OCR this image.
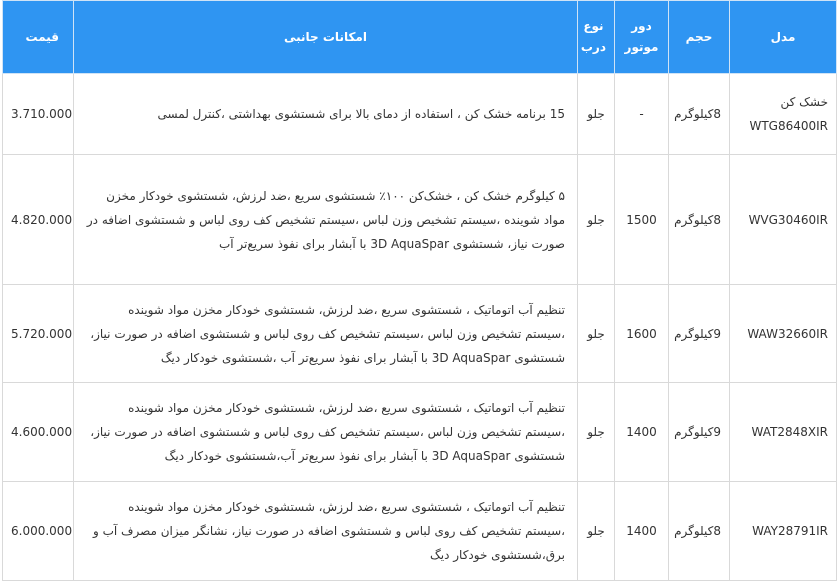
مدل	حجم	دور موتور	نوع درب	امکانات جانبی	قیمت
خشک کن WTG86400IR	8کیلوگرم	-	جلو	15 برنامه خشک کن ، استفاده از دمای بالا برای شستشوی بهداشتی ،کنترل لمسی	3.710.000
WVG30460IR	8کیلوگرم	1500	جلو	۵ کیلوگرم خشک کن ، خشک‌کن ۱۰۰٪ شستشوی سریع ،ضد لرزش، شستشوی خودکار مخزن مواد شوینده ،سیستم تشخیص وزن لباس ،سیستم تشخیص کف روی لباس و شستشوی اضافه در صورت نیاز، شستشوی 3D AquaSpar با آبشار برای نفوذ سریع‌تر آب	4.820.000
WAW32660IR	9کیلوگرم	1600	جلو	تنظیم آب اتوماتیک ، شستشوی سریع ،ضد لرزش، شستشوی خودکار مخزن مواد شوینده ،سیستم تشخیص وزن لباس ،سیستم تشخیص کف روی لباس و شستشوی اضافه در صورت نیاز، شستشوی 3D AquaSpar با آبشار برای نفوذ سریع‌تر آب ،شستشوی خودکار دیگ	5.720.000
WAT2848XIR	9کیلوگرم	1400	جلو	تنظیم آب اتوماتیک ، شستشوی سریع ،ضد لرزش، شستشوی خودکار مخزن مواد شوینده ،سیستم تشخیص وزن لباس ،سیستم تشخیص کف روی لباس و شستشوی اضافه در صورت نیاز، شستشوی 3D AquaSpar با آبشار برای نفوذ سریع‌تر آب،شستشوی خودکار دیگ	4.600.000
WAY28791IR	8کیلوگرم	1400	جلو	تنظیم آب اتوماتیک ، شستشوی سریع ،ضد لرزش، شستشوی خودکار مخزن مواد شوینده ،سیستم تشخیص کف روی لباس و شستشوی اضافه در صورت نیاز، نشانگر میزان مصرف آب و برق،شستشوی خودکار دیگ	6.000.000
